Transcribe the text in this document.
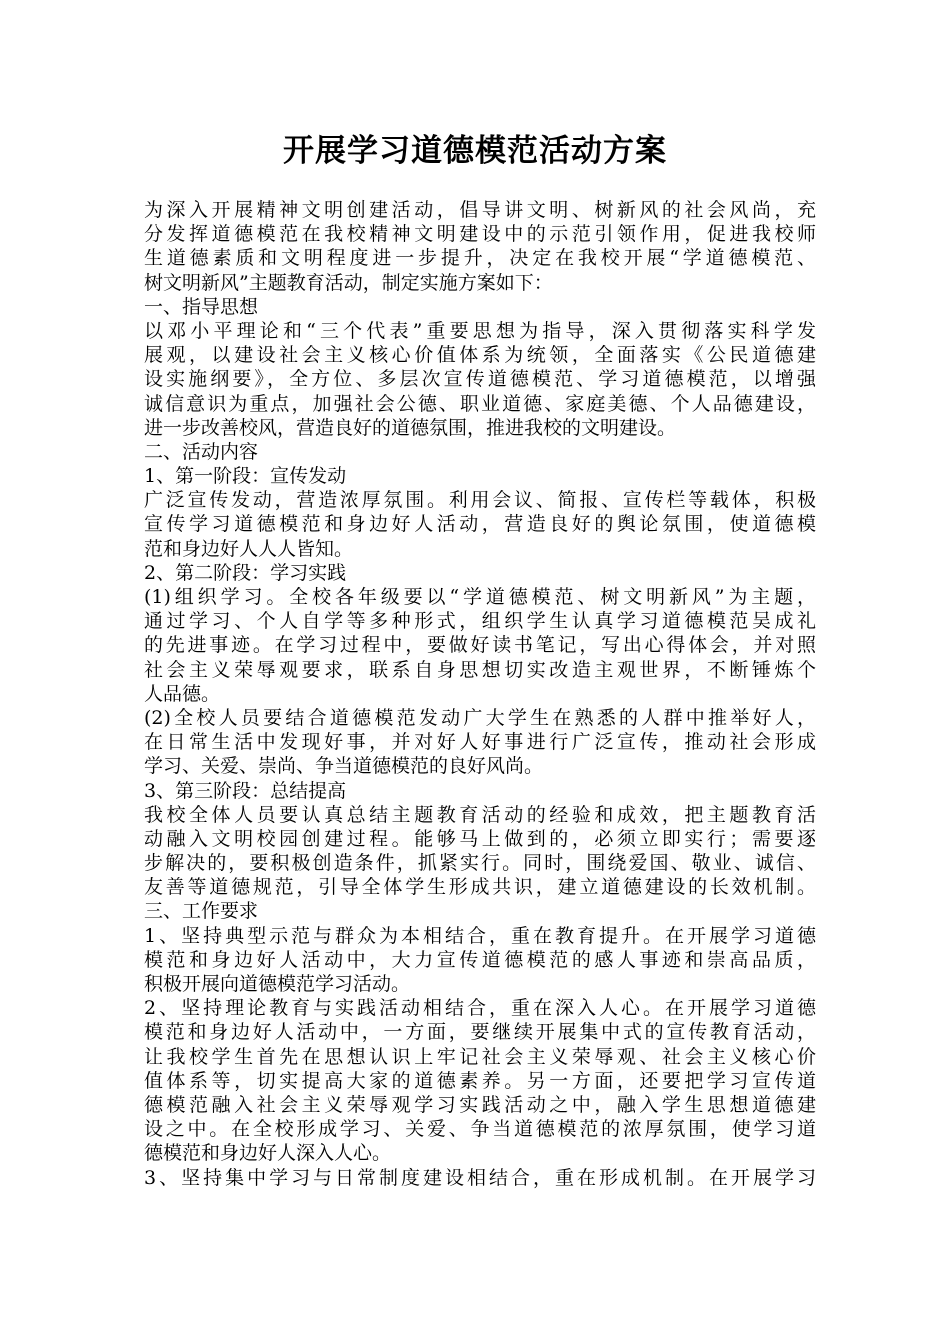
开展学习道德模范活动方案
为深入开展精神文明创建活动，倡导讲文明、树新风的社会风尚，充
分发挥道德模范在我校精神文明建设中的示范引领作用，促进我校师
生道德素质和文明程度进一步提升，决定在我校开展“学道德模范、
树文明新风”主题教育活动，制定实施方案如下：
一、指导思想
以邓小平理论和“三个代表”重要思想为指导，深入贯彻落实科学发
展观，以建设社会主义核心价值体系为统领，全面落实《公民道德建
设实施纲要》，全方位、多层次宣传道德模范、学习道德模范，以增强
诚信意识为重点，加强社会公德、职业道德、家庭美德、个人品德建设，
进一步改善校风，营造良好的道德氛围，推进我校的文明建设。
二、活动内容
1、第一阶段：宣传发动
广泛宣传发动，营造浓厚氛围。利用会议、简报、宣传栏等载体，积极
宣传学习道德模范和身边好人活动，营造良好的舆论氛围，使道德模
范和身边好人人人皆知。
2、第二阶段：学习实践
(1)组织学习。全校各年级要以“学道德模范、树文明新风”为主题，
通过学习、个人自学等多种形式，组织学生认真学习道德模范吴成礼
的先进事迹。在学习过程中，要做好读书笔记，写出心得体会，并对照
社会主义荣辱观要求，联系自身思想切实改造主观世界，不断锤炼个
人品德。
(2)全校人员要结合道德模范发动广大学生在熟悉的人群中推举好人，
在日常生活中发现好事，并对好人好事进行广泛宣传，推动社会形成
学习、关爱、崇尚、争当道德模范的良好风尚。
3、第三阶段：总结提高
我校全体人员要认真总结主题教育活动的经验和成效，把主题教育活
动融入文明校园创建过程。能够马上做到的，必须立即实行；需要逐
步解决的，要积极创造条件，抓紧实行。同时，围绕爱国、敬业、诚信、
友善等道德规范，引导全体学生形成共识，建立道德建设的长效机制。
三、工作要求
1、坚持典型示范与群众为本相结合，重在教育提升。在开展学习道德
模范和身边好人活动中，大力宣传道德模范的感人事迹和崇高品质，
积极开展向道德模范学习活动。
2、坚持理论教育与实践活动相结合，重在深入人心。在开展学习道德
模范和身边好人活动中，一方面，要继续开展集中式的宣传教育活动，
让我校学生首先在思想认识上牢记社会主义荣辱观、社会主义核心价
值体系等，切实提高大家的道德素养。另一方面，还要把学习宣传道
德模范融入社会主义荣辱观学习实践活动之中，融入学生思想道德建
设之中。在全校形成学习、关爱、争当道德模范的浓厚氛围，使学习道
德模范和身边好人深入人心。
3、坚持集中学习与日常制度建设相结合，重在形成机制。在开展学习
